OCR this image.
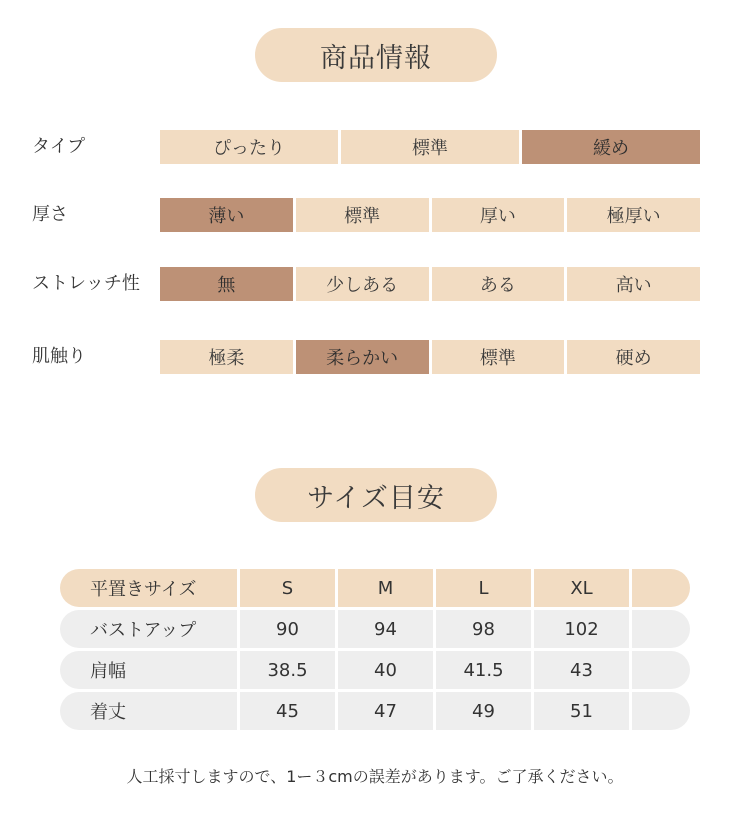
商品情報
タイプ	ぴったり	標準	緩め
厚さ	薄い	標準	厚い	極厚い
ストレッチ性	無	少しある	ある	高い
肌触り	極柔	柔らかい	標準	硬め
サイズ目安
平置きサイズ	S	M	L	XL
バストアップ	90	94	98	102
肩幅	38.5	40	41.5	43
着丈	45	47	49	51
人工採寸しますので、1ー３cmの誤差があります。ご了承ください。
